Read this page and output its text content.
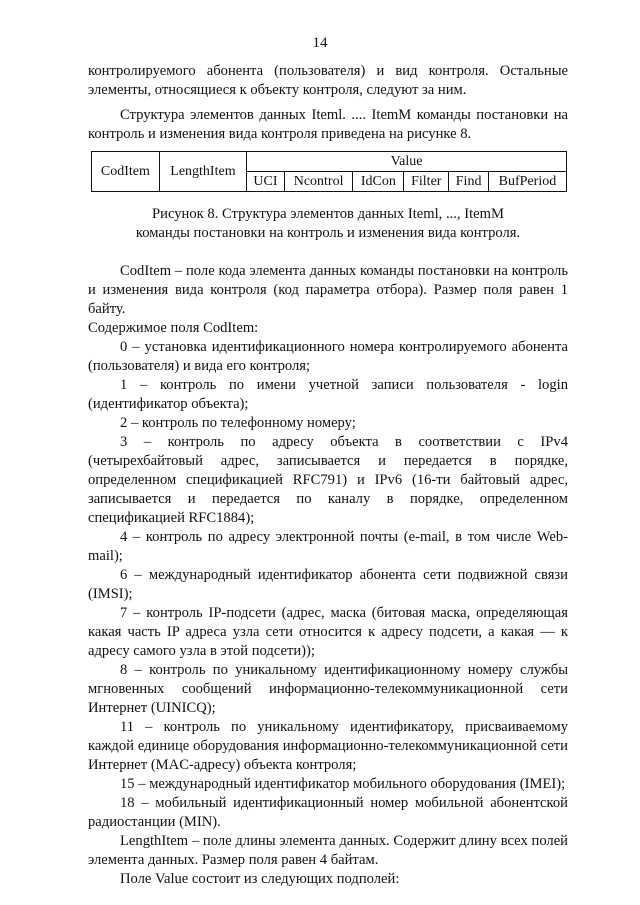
14

контролируемого абонента (пользователя) и вид контроля. Остальные элементы, относящиеся к объекту контроля, следуют за ним.

Структура элементов данных Iteml. .... ItemM команды постановки на контроль и изменения вида контроля приведена на рисунке 8.

CodItem	LengthItem	Value					
		UCI	Ncontrol	IdCon	Filter	Find	BufPeriod
Рисунок 8. Структура элементов данных Iteml, ..., ItemM
команды постановки на контроль и изменения вида контроля.

CodItem – поле кода элемента данных команды постановки на контроль и изменения вида контроля (код параметра отбора). Размер поля равен 1 байту.

Содержимое поля CodItem:

0 – установка идентификационного номера контролируемого абонента (пользователя) и вида его контроля;

1 – контроль по имени учетной записи пользователя - login (идентификатор объекта);

2 – контроль по телефонному номеру;

3 – контроль по адресу объекта в соответствии с IPv4 (четырехбайтовый адрес, записывается и передается в порядке, определенном спецификацией RFC791) и IPv6 (16-ти байтовый адрес, записывается и передается по каналу в порядке, определенном спецификацией RFC1884);

4 – контроль по адресу электронной почты (e-mail, в том числе Web-mail);

6 – международный идентификатор абонента сети подвижной связи (IMSI);

7 – контроль IP-подсети (адрес, маска (битовая маска, определяющая какая часть IP адреса узла сети относится к адресу подсети, а какая — к адресу самого узла в этой подсети));

8 – контроль по уникальному идентификационному номеру службы мгновенных сообщений информационно-телекоммуникационной сети Интернет (UINICQ);

11 – контроль по уникальному идентификатору, присваиваемому каждой единице оборудования информационно-телекоммуникационной сети Интернет (MAC-адресу) объекта контроля;

15 – международный идентификатор мобильного оборудования (IMEI);

18 – мобильный идентификационный номер мобильной абонентской радиостанции (MIN).

LengthItem – поле длины элемента данных. Содержит длину всех полей элемента данных. Размер поля равен 4 байтам.

Поле Value состоит из следующих подполей:
